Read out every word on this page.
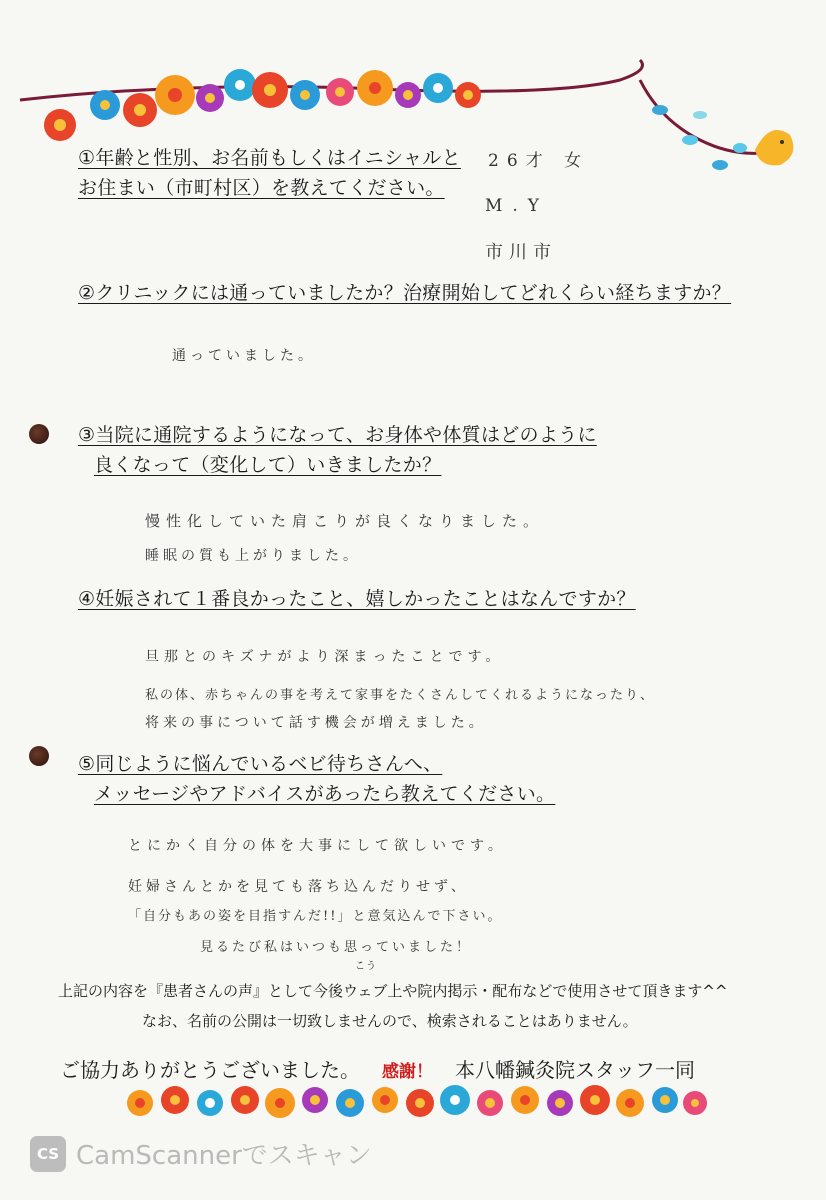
①年齢と性別、お名前もしくはイニシャルと
お住まい（市町村区）を教えてください。
26才 女
M.Y
市川市
②クリニックには通っていましたか？治療開始してどれくらい経ちますか？
通っていました。
③当院に通院するようになって、お身体や体質はどのように
良くなって（変化して）いきましたか？
慢性化していた肩こりが良くなりました。
睡眠の質も上がりました。
④妊娠されて１番良かったこと、嬉しかったことはなんですか？
旦那とのキズナがより深まったことです。
私の体、赤ちゃんの事を考えて家事をたくさんしてくれるようになったり、
将来の事について話す機会が増えました。
⑤同じように悩んでいるベビ待ちさんへ、
メッセージやアドバイスがあったら教えてください。
とにかく自分の体を大事にして欲しいです。
妊婦さんとかを見ても落ち込んだりせず、
「自分もあの姿を目指すんだ!!」と意気込んで下さい。
見るたび私はいつも思っていました！
こう
上記の内容を『患者さんの声』として今後ウェブ上や院内掲示・配布などで使用させて頂きます^^
なお、名前の公開は一切致しませんので、検索されることはありません。
ご協力ありがとうございました。 感謝！ 本八幡鍼灸院スタッフ一同
CS CamScannerでスキャン
